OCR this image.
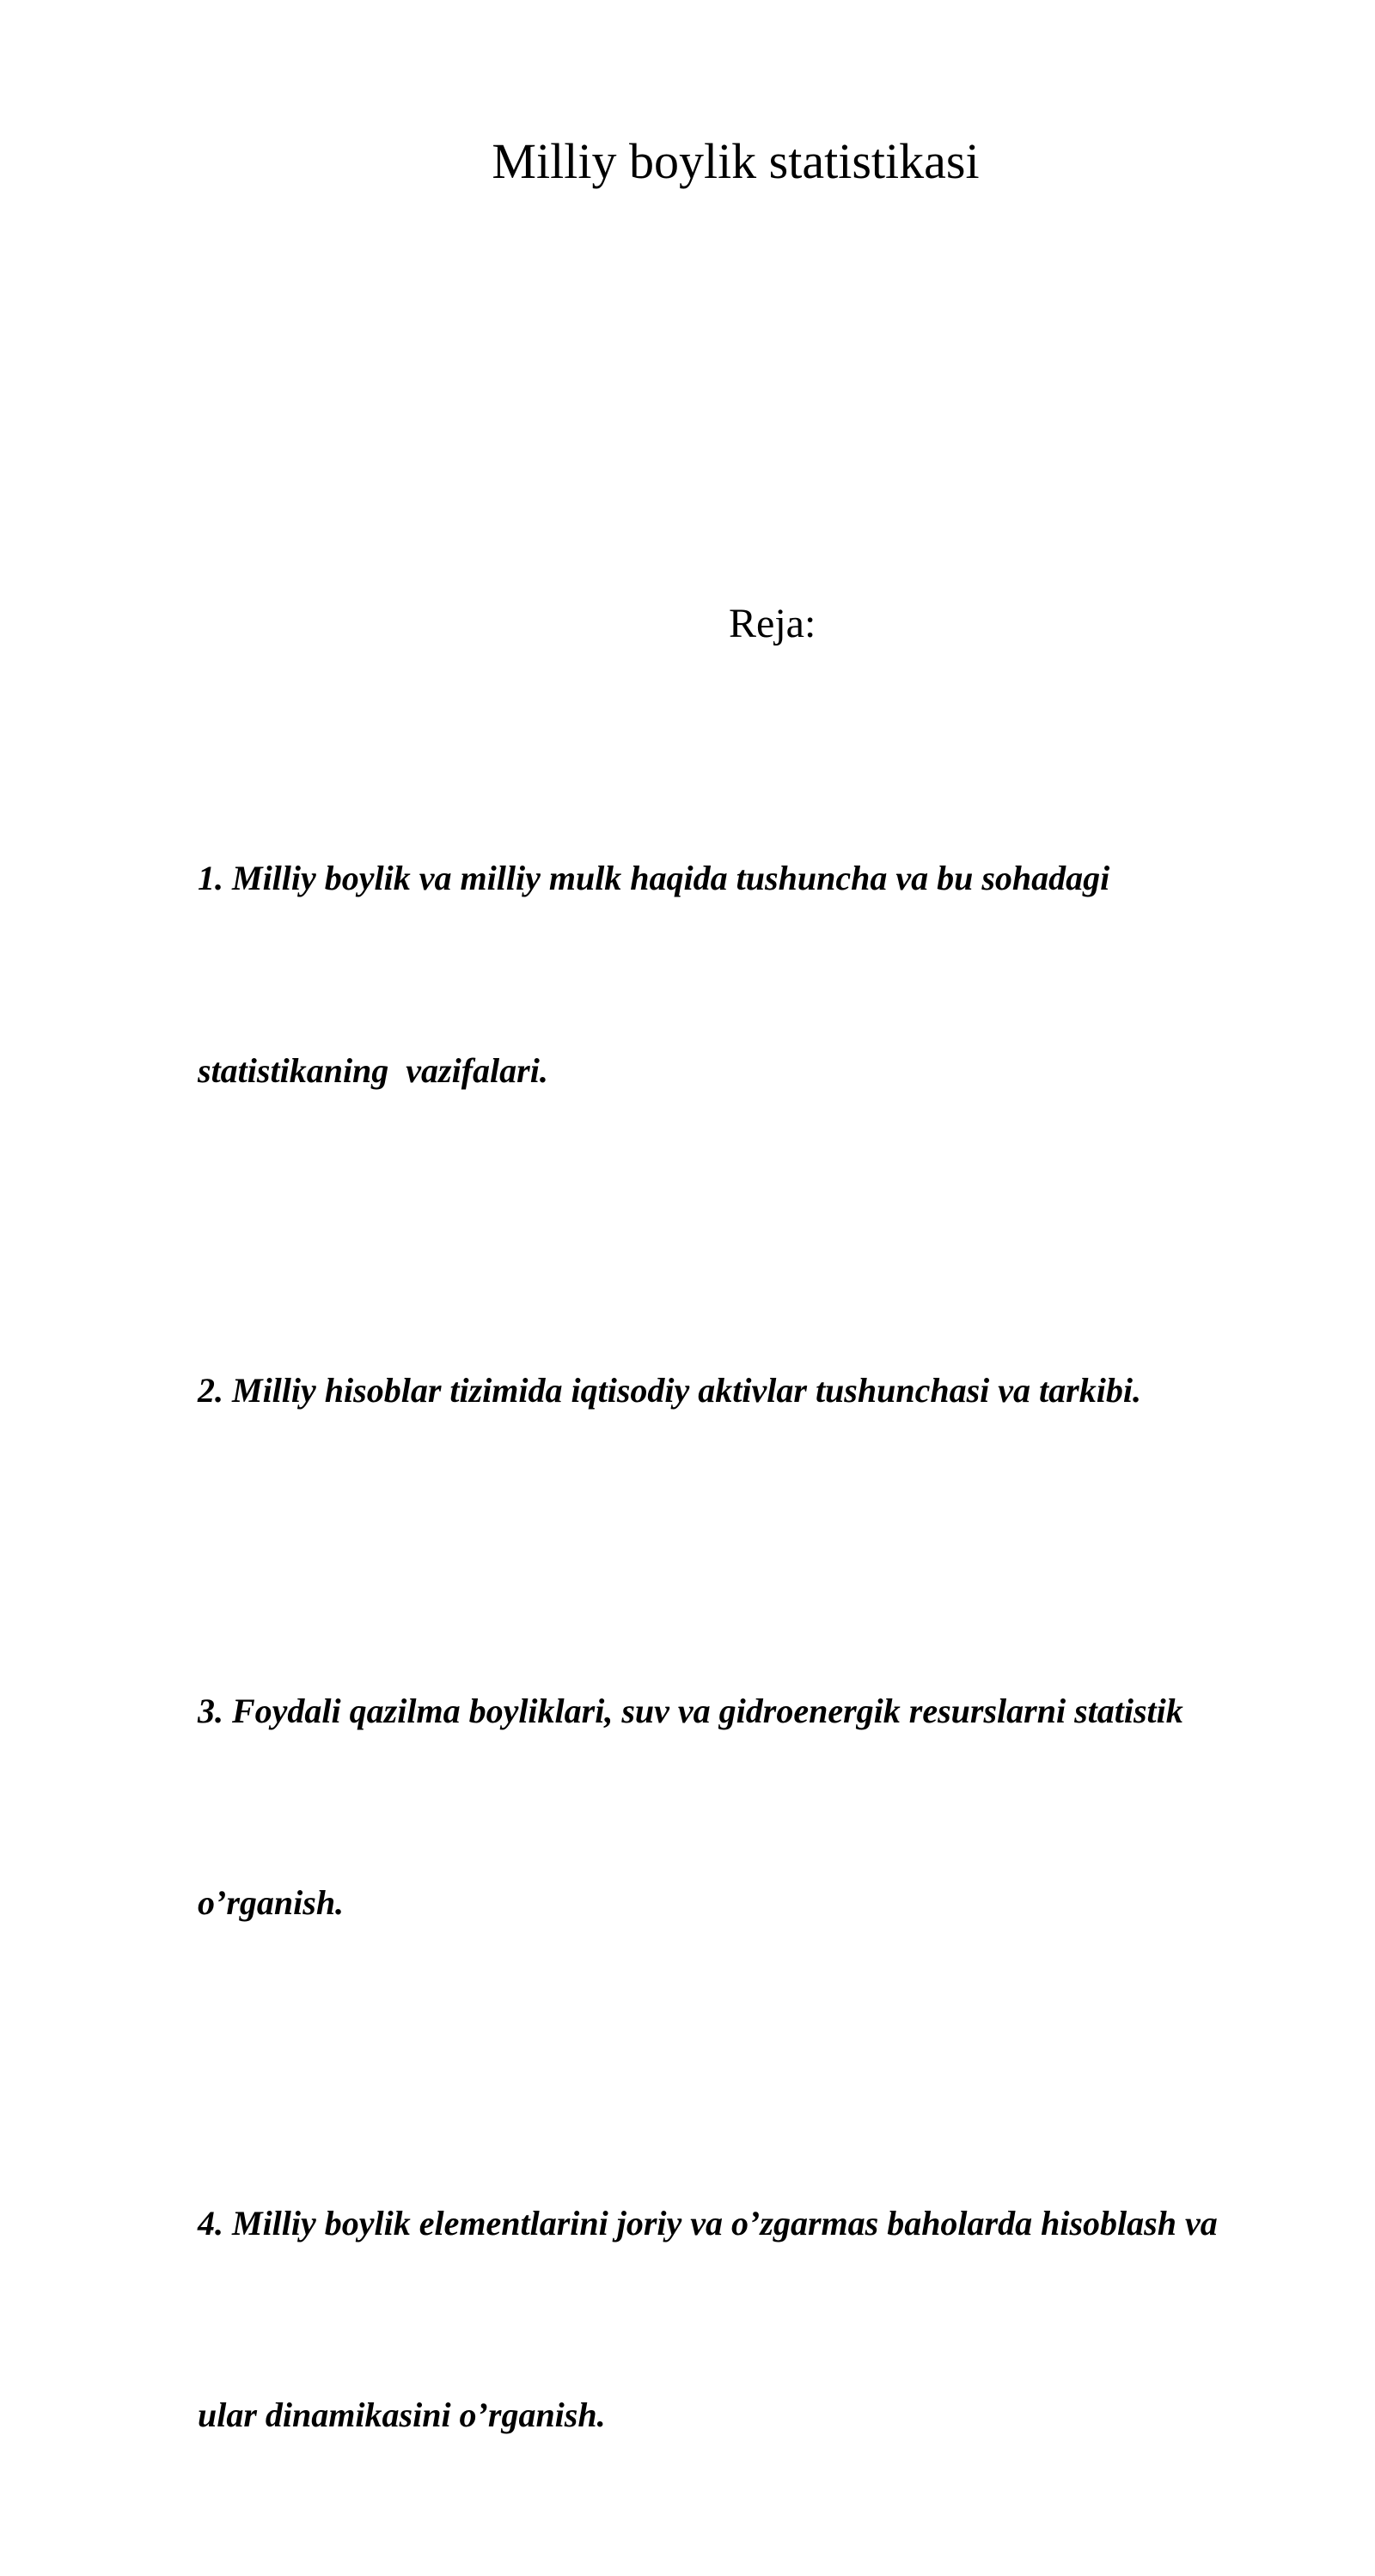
Milliy boylik statistikasi

Reja:

1. Milliy boylik va milliy mulk haqida tushuncha va bu sohadagi

statistikaning  vazifalari.

2. Milliy hisoblar tizimida iqtisodiy aktivlar tushunchasi va tarkibi.

3. Foydali qazilma boyliklari, suv va gidroenergik resurslarni statistik

o’rganish.

4. Milliy boylik elementlarini joriy va o’zgarmas baholarda hisoblash va

ular dinamikasini o’rganish.
